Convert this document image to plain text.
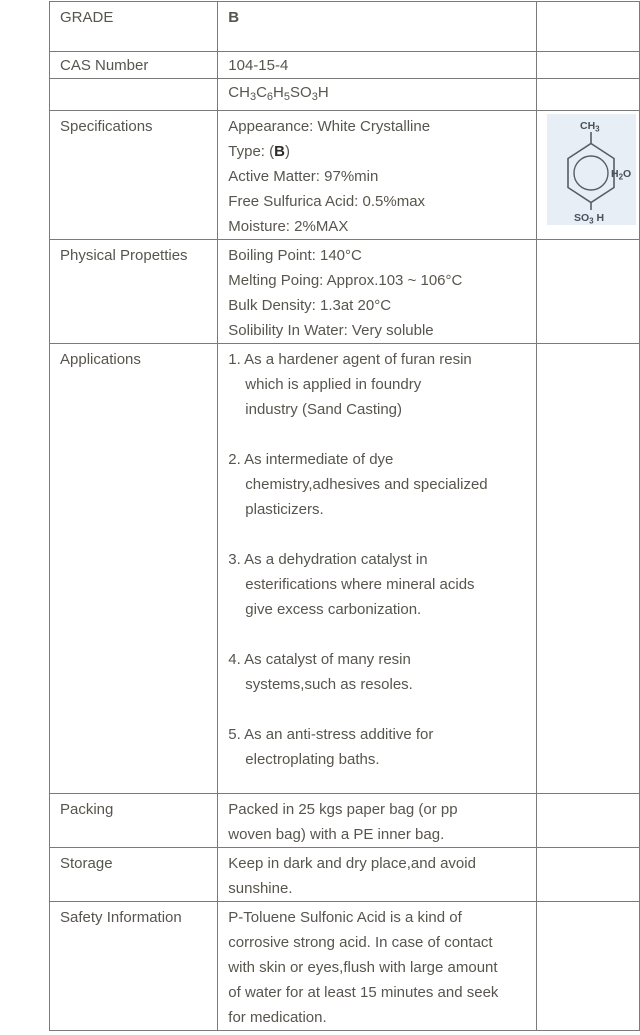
GRADE	B	
CAS Number	104-15-4	

	$CH_3C_6H_5SO_3H$	

Specifications	Appearance: White Crystalline
Type: (B)
Active Matter: 97%min
Free Sulfurica Acid: 0.5%max
Moisture: 2%MAX

$CH_3$
$H_2O$
$SO_3$ H

Physical Propetties	Boiling Point: 140°C
Melting Poing: Approx.103 ~ 106°C
Bulk Density: 1.3at 20°C
Solibility In Water: Very soluble	

Applications	1. As a hardener agent of furan resin
which is applied in foundry
industry (Sand Casting)
2. As intermediate of dye
chemistry,adhesives and specialized
plasticizers.
3. As a dehydration catalyst in
esterifications where mineral acids
give excess carbonization.
4. As catalyst of many resin
systems,such as resoles.
5. As an anti-stress additive for
electroplating baths.

Packing	Packed in 25 kgs paper bag (or pp
woven bag) with a PE inner bag.	

Storage	Keep in dark and dry place,and avoid
sunshine.	

Safety Information	P-Toluene Sulfonic Acid is a kind of
corrosive strong acid. In case of contact
with skin or eyes,flush with large amount
of water for at least 15 minutes and seek
for medication.	
